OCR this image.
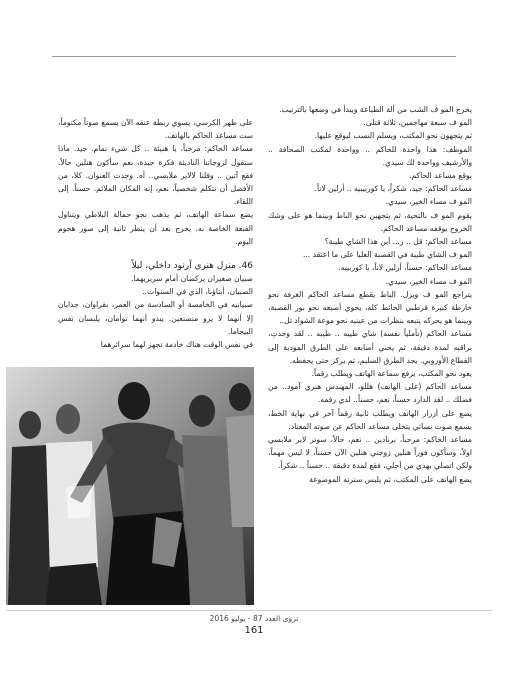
يخرج المو ف الشب من ألة الطباعة ويبدأ في وضعها بالترتيب.

المو ف سبعة مهاجمين، ثلاثة قتلى.

ثم يتجهون نحو المكتب، ويسلم النسب ليوقع عليها.

الموظف: هذا واحدة للحاكم .. وواحدة لمكتب الصحافة .. والأرشيف وواحدة لك سيدي.

يوقع مساعد الحاكم.

مساعد الحاكم: جيد، شكراً، يا كوربيبيه .. أرلين لاناً.

المو ف مساء الخير، سيدي.

يقوم المو ف بالتحية، ثم يتجهين نحو الباط وبينما هو على وشك الخروج يوقفه مساعد الحاكم.

مساعد الحاكم: قل .. ر... أين هذا الشاي طيبة؟

المو ف الشاي طيبة في القصبة العليا على ما اعتقد ...

مساعد الحاكم: حسناً، أرلين لاناً، يا كوربيبه.

المو ف مساء الخير، سيدي.

يتراجع المو ف ويزل. الباط يقطع مساعد الحاكم الغرفة نحو خارطة كبيرة قرطبي الحائط كله، يحوي أصبعه نحو بور القصبة، وبينما هو يحركه يتبعه بنظرات من عينيه نحو موعة الشواذ ثل..

مساعد الحاكم (تأملياً نفسه) شاي طيبه .. طيبه .. لقد وجدتِ، يراقبه لمدة دقيقة، ثم يحني أصابعه على الطرق المودية إلى القطاع الأوروبي. يجد الطرق السليم، ثم يركز حتى يحفظه.

يعود نحو المكتب، يرفع سماعة الهاتف ويطلب رقماً.

مساعد الحاكم (على الهاتف) هللو، المهندس هنري آمود.. من فضلك .. لقد الدارد حسناً، نعم، حسناً.. لدي رقمه.

يضع على أزرار الهاتف ويطلب ثانية رقماً آخر في نهاية الخط، يسمع صوت نسائي يتخلى مساعد الحاكم عن صوته المعتاد.

مساعد الحاكم: مرحباً، برنادين .. نعم، حالاً، سوتر لاير ملابسي اولاً، وسأكون فوراً هنلين زوجتي هنلين الآن حسناً، لا ليس مهماً، ولكن اتصلي بهدي من أجلي، فقع لمدة دقيقة .. حسناً .. شكراً.

يضع الهاتف على المكتب، ثم يلبس سترته الموضوعة

على ظهر الكرسي، يسوي ربطة عنقه الآن يسمع صوتاً مكتوماً، ست مساعد الحاكم بالهاتف.

مساعد الحاكم: مرحباً، يا هنيئة .. كل شيء تمام. جيد. ماذا ستقول لزوجاتنا الناديئة فكرة جيدة، نعم سأكون هنلين حالاً. فقع آتين .. وقلنا لالاير ملابسي.. أه. وجدت العنوان. كلا، من الأفضل أن نتكلم شخصياً، نعم، إنه المكان الملائم. حسناً. إلى اللقاء.

يضع سماعة الهاتف، ثم يذهب نحو حمالة البلاطي ويتناول القبعة الخاصة به. يخرج بعد أن ينظر ثانية إلى صور هجوم اليوم.

46. منزل هنري آرنود داخلي، ليلاً

صبيان صغيران يركضان أمام سريريهما.

الصبيان، أبناؤنا، الذي في السنوات..

صبيانيه في الخامسة أو السادسة من العمر، بقراوان، جذابان إلا أنهما لا يرو متصنعين. يبدو أنهما توأمان، يلبسان نفس البيجاما.

في نفس الوقت هناك خادمة تجهز لهما سرائرهما

نزوى العدد 87 - يوليو 2016
161
